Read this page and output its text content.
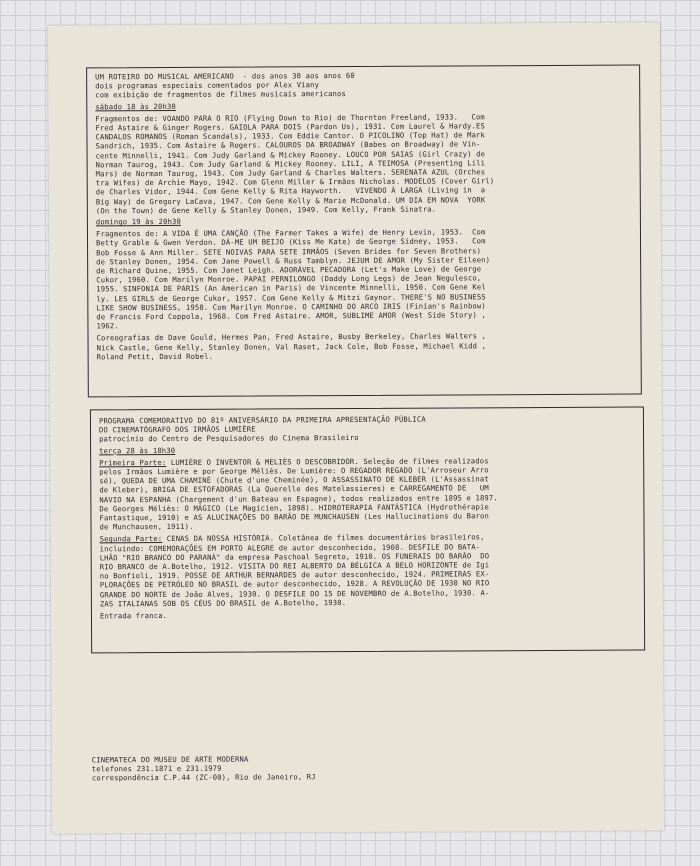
UM ROTEIRO DO MUSICAL AMERICANO  - dos anos 30 aos anos 60

dois programas especiais comentados por Alex Viany

com exibição de fragmentos de filmes musicais americanos

sábado 18 às 20h30

Fragmentos de: VOANDO PARA O RIO (Flying Down to Rio) de Thornton Freeland, 1933.   Com

Fred Astaire & Ginger Rogers. GAIOLA PARA DOIS (Pardon Us), 1931. Com Laurel & Hardy.ES

CANDALOS ROMANOS (Roman Scandals), 1933. Com Eddie Cantor. O PICOLINO (Top Hat) de Mark

Sandrich, 1935. Com Astaire & Rogers. CALOUROS DA BROADWAY (Babes on Broadway) de Vin-

cente Minnelli, 1941. Com Judy Garland & Mickey Rooney. LOUCO POR SAIAS (Girl Crazy) de

Norman Taurog, 1943. Com Judy Garland & Mickey Rooney. LILI, A TEIMOSA (Presenting Lili

Mars) de Norman Taurog, 1943. Com Judy Garland & Charles Walters. SERENATA AZUL (Orches

tra Wifes) de Archie Mayo, 1942. Com Glenn Miller & Irmãos Nicholas. MODELOS (Cover Girl)

de Charles Vidor, 1944. Com Gene Kelly & Rita Hayworth.   VIVENDO À LARGA (Living in  a

Big Way) de Gregory LaCava, 1947. Com Gene Kelly & Marie McDonald. UM DIA EM NOVA  YORK

(On the Town) de Gene Kelly & Stanley Donen, 1949. Com Kelly, Frank Sinatra.

domingo 19 às 20h30

Fragmentos de: A VIDA É UMA CANÇÃO (The Farmer Takes a Wife) de Henry Levin, 1953.  Com

Betty Grable & Gwen Verdon. DÁ-ME UM BEIJO (Kiss Me Kate) de George Sidney, 1953.   Com

Bob Fosse & Ann Miller. SETE NOIVAS PARA SETE IRMÃOS (Seven Brides for Seven Brothers)

de Stanley Donen, 1954. Com Jane Powell & Russ Tamblyn. JEJUM DE AMOR (My Sister Eileen)

de Richard Quine, 1955. Com Janet Leigh. ADORÁVEL PECADORA (Let's Make Love) de George

Cukor, 1960. Com Marilyn Monroe. PAPAI PERNILONGO (Daddy Long Legs) de Jean Negulesco,

1955. SINFONIA DE PARIS (An American in Paris) de Vincente Minnelli, 1950. Com Gene Kel

ly. LES GIRLS de George Cukor, 1957. Com Gene Kelly & Mitzi Gaynor. THERE'S NO BUSINESS

LIKE SHOW BUSINESS, 1958. Com Marilyn Monroe. O CAMINHO DO ARCO IRIS (Finian's Rainbow)

de Francis Ford Coppola, 1968. Com Fred Astaire. AMOR, SUBLIME AMOR (West Side Story) ,

1962.

Coreografias de Dave Gould, Hermes Pan, Fred Astaire, Busby Berkeley, Charles Walters ,

Nick Castle, Gene Kelly, Stanley Donen, Val Raset, Jack Cole, Bob Fosse, Michael Kidd ,

Roland Petit, David Robel.

PROGRAMA COMEMORATIVO DO 81º ANIVERSÁRIO DA PRIMEIRA APRESENTAÇÃO PÚBLICA

DO CINEMATÓGRAFO DOS IRMÃOS LUMIÈRE

patrocínio do Centro de Pesquisadores do Cinema Brasileiro

terça 28 às 18h30

Primeira Parte: LUMIÈRE O INVENTOR & MELIÈS O DESCOBRIDOR. Seleção de filmes realizados

pelos Irmãos Lumière e por George Méliès. De Lumière: O REGADOR REGADO (L'Arroseur Arro

sé), QUEDA DE UMA CHAMINÉ (Chute d'une Cheminée), O ASSASSINATO DE KLEBER (L'Assassinat

de Kleber), BRIGA DE ESTOFADORAS (La Querelle des Matelassieres) e CARREGAMENTO DE   UM

NAVIO NA ESPANHA (Chargement d'un Bateau en Espagne), todos realizados entre 1895 e 1897.

De Georges Méliès: O MÁGICO (Le Magicien, 1898). HIDROTERAPIA FANTÁSTICA (Hydrothérapie

Fantastique, 1910) e AS ALUCINAÇÕES DO BARÃO DE MUNCHAUSEN (Les Hallucinations du Baron

de Munchausen, 1911).

Segunda Parte: CENAS DA NOSSA HISTÓRIA. Coletânea de filmes documentários brasileiros,

incluindo: COMEMORAÇÕES EM PORTO ALEGRE de autor desconhecido, 1908. DESFILE DO BATA-

LHÃO "RIO BRANCO DO PARANÁ" da empresa Paschoal Segreto, 1910. OS FUNERAIS DO BARÃO  DO

RIO BRANCO de A.Botelho, 1912. VISITA DO REI ALBERTO DA BÉLGICA A BELO HORIZONTE de Igi

no Bonfioli, 1919. POSSE DE ARTHUR BERNARDES de autor desconhecido, 1924. PRIMEIRAS EX-

PLORAÇÕES DE PETRÓLEO NO BRASIL de autor desconhecido, 1928. A REVOLUÇÃO DE 1930 NO RIO

GRANDE DO NORTE de João Alves, 1930. O DESFILE DO 15 DE NOVEMBRO de A.Botelho, 1930. A-

ZAS ITALIANAS SOB OS CÉUS DO BRASIL de A.Botelho, 1930.

Entrada franca.

CINEMATECA DO MUSEU DE ARTE MODERNA

telefones 231.1871 e 231.1979

correspondência C.P.44 (ZC-00), Rio de Janeiro, RJ
